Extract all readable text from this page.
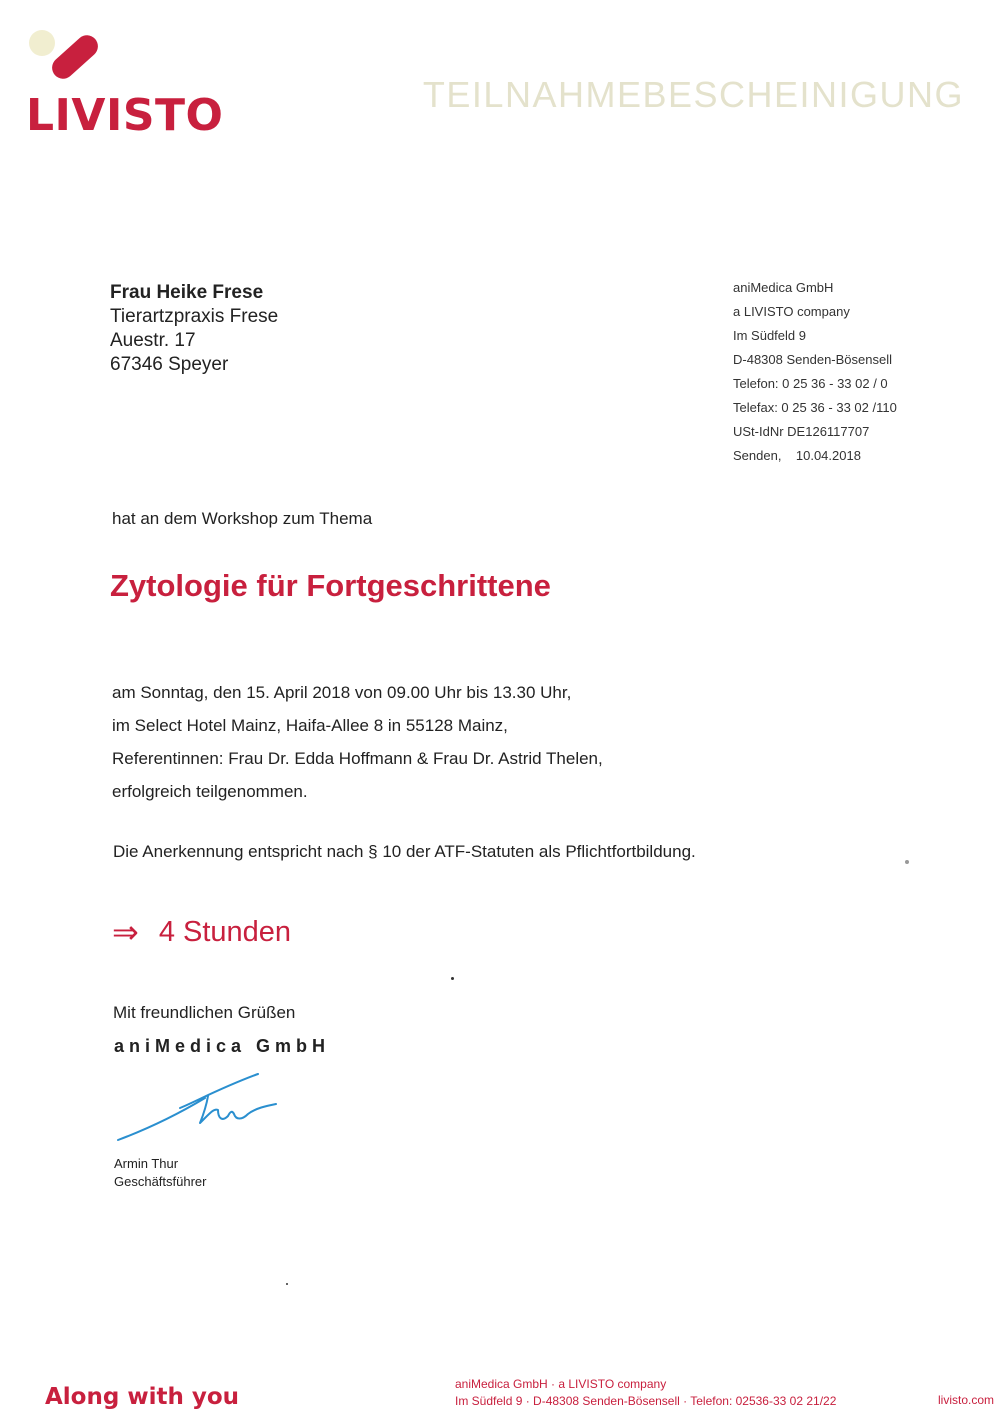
LIVISTO	TEILNAHMEBESCHEINIGUNG
Frau Heike Frese
Tierartzpraxis Frese
Auestr. 17
67346 Speyer
aniMedica GmbH
a LIVISTO company
Im Südfeld 9
D-48308 Senden-Bösensell
Telefon: 0 25 36 - 33 02 / 0
Telefax: 0 25 36 - 33 02 /110
USt-IdNr DE126117707
Senden,    10.04.2018
hat an dem Workshop zum Thema
Zytologie für Fortgeschrittene
am Sonntag, den 15. April 2018 von 09.00 Uhr bis 13.30 Uhr,
im Select Hotel Mainz, Haifa-Allee 8 in 55128 Mainz,
Referentinnen: Frau Dr. Edda Hoffmann & Frau Dr. Astrid Thelen,
erfolgreich teilgenommen.
Die Anerkennung entspricht nach § 10 der ATF-Statuten als Pflichtfortbildung.
⇒ 4 Stunden
Mit freundlichen Grüßen
aniMedica GmbH
Armin Thur
Geschäftsführer
Along with you	aniMedica GmbH · a LIVISTO company
Im Südfeld 9 · D-48308 Senden-Bösensell · Telefon: 02536-33 02 21/22	livisto.com
